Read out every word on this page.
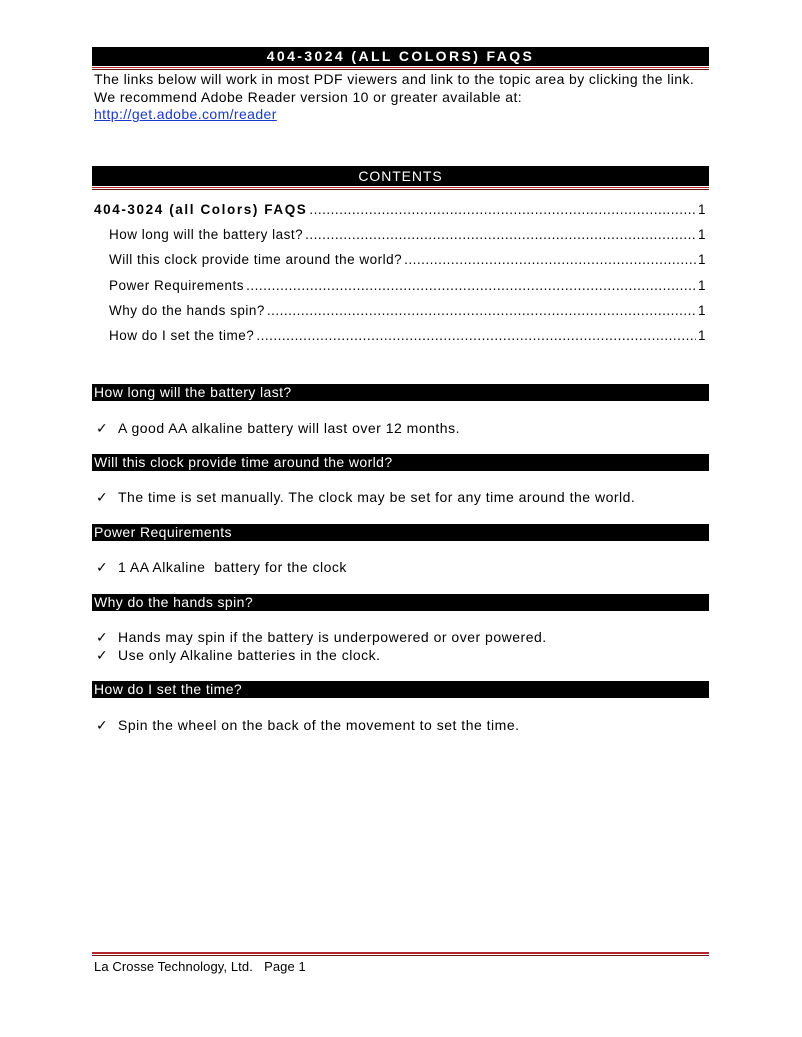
404-3024 (ALL COLORS) FAQS
The links below will work in most PDF viewers and link to the topic area by clicking the link. We recommend Adobe Reader version 10 or greater available at:
http://get.adobe.com/reader
CONTENTS
404-3024 (all Colors) FAQS .....	1
How long will the battery last? .....	1
Will this clock provide time around the world? .....	1
Power Requirements .....	1
Why do the hands spin? .....	1
How do I set the time? .....	1
How long will the battery last?
✓ A good AA alkaline battery will last over 12 months.
Will this clock provide time around the world?
✓ The time is set manually. The clock may be set for any time around the world.
Power Requirements
✓ 1 AA Alkaline  battery for the clock
Why do the hands spin?
✓ Hands may spin if the battery is underpowered or over powered.
✓ Use only Alkaline batteries in the clock.
How do I set the time?
✓ Spin the wheel on the back of the movement to set the time.
La Crosse Technology, Ltd.   Page 1
